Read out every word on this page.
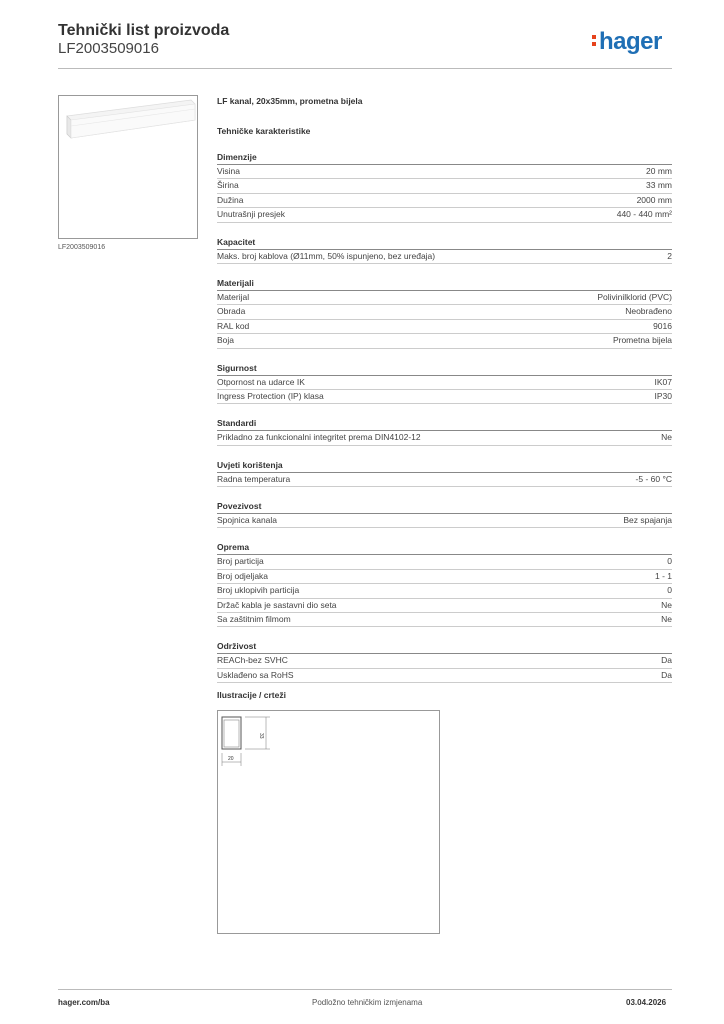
Tehnički list proizvoda
LF2003509016	hager
LF2003509016
LF kanal, 20x35mm, prometna bijela
Tehničke karakteristike
Dimenzije
Visina	20 mm
Širina	33 mm
Dužina	2000 mm
Unutrašnji presjek	440 - 440 mm²
Kapacitet
Maks. broj kablova (Ø11mm, 50% ispunjeno, bez uređaja)	2
Materijali
Materijal	Polivinilklorid (PVC)
Obrada	Neobrađeno
RAL kod	9016
Boja	Prometna bijela
Sigurnost
Otpornost na udarce IK	IK07
Ingress Protection (IP) klasa	IP30
Standardi
Prikladno za funkcionalni integritet prema DIN4102-12	Ne
Uvjeti korištenja
Radna temperatura	-5 - 60 °C
Povezivost
Spojnica kanala	Bez spajanja
Oprema
Broj particija	0
Broj odjeljaka	1 - 1
Broj uklopivih particija	0
Držač kabla je sastavni dio seta	Ne
Sa zaštitnim filmom	Ne
Održivost
REACh-bez SVHC	Da
Usklađeno sa RoHS	Da
Ilustracije / crteži
33
20
hager.com/ba	Podložno tehničkim izmjenama	03.04.2026
